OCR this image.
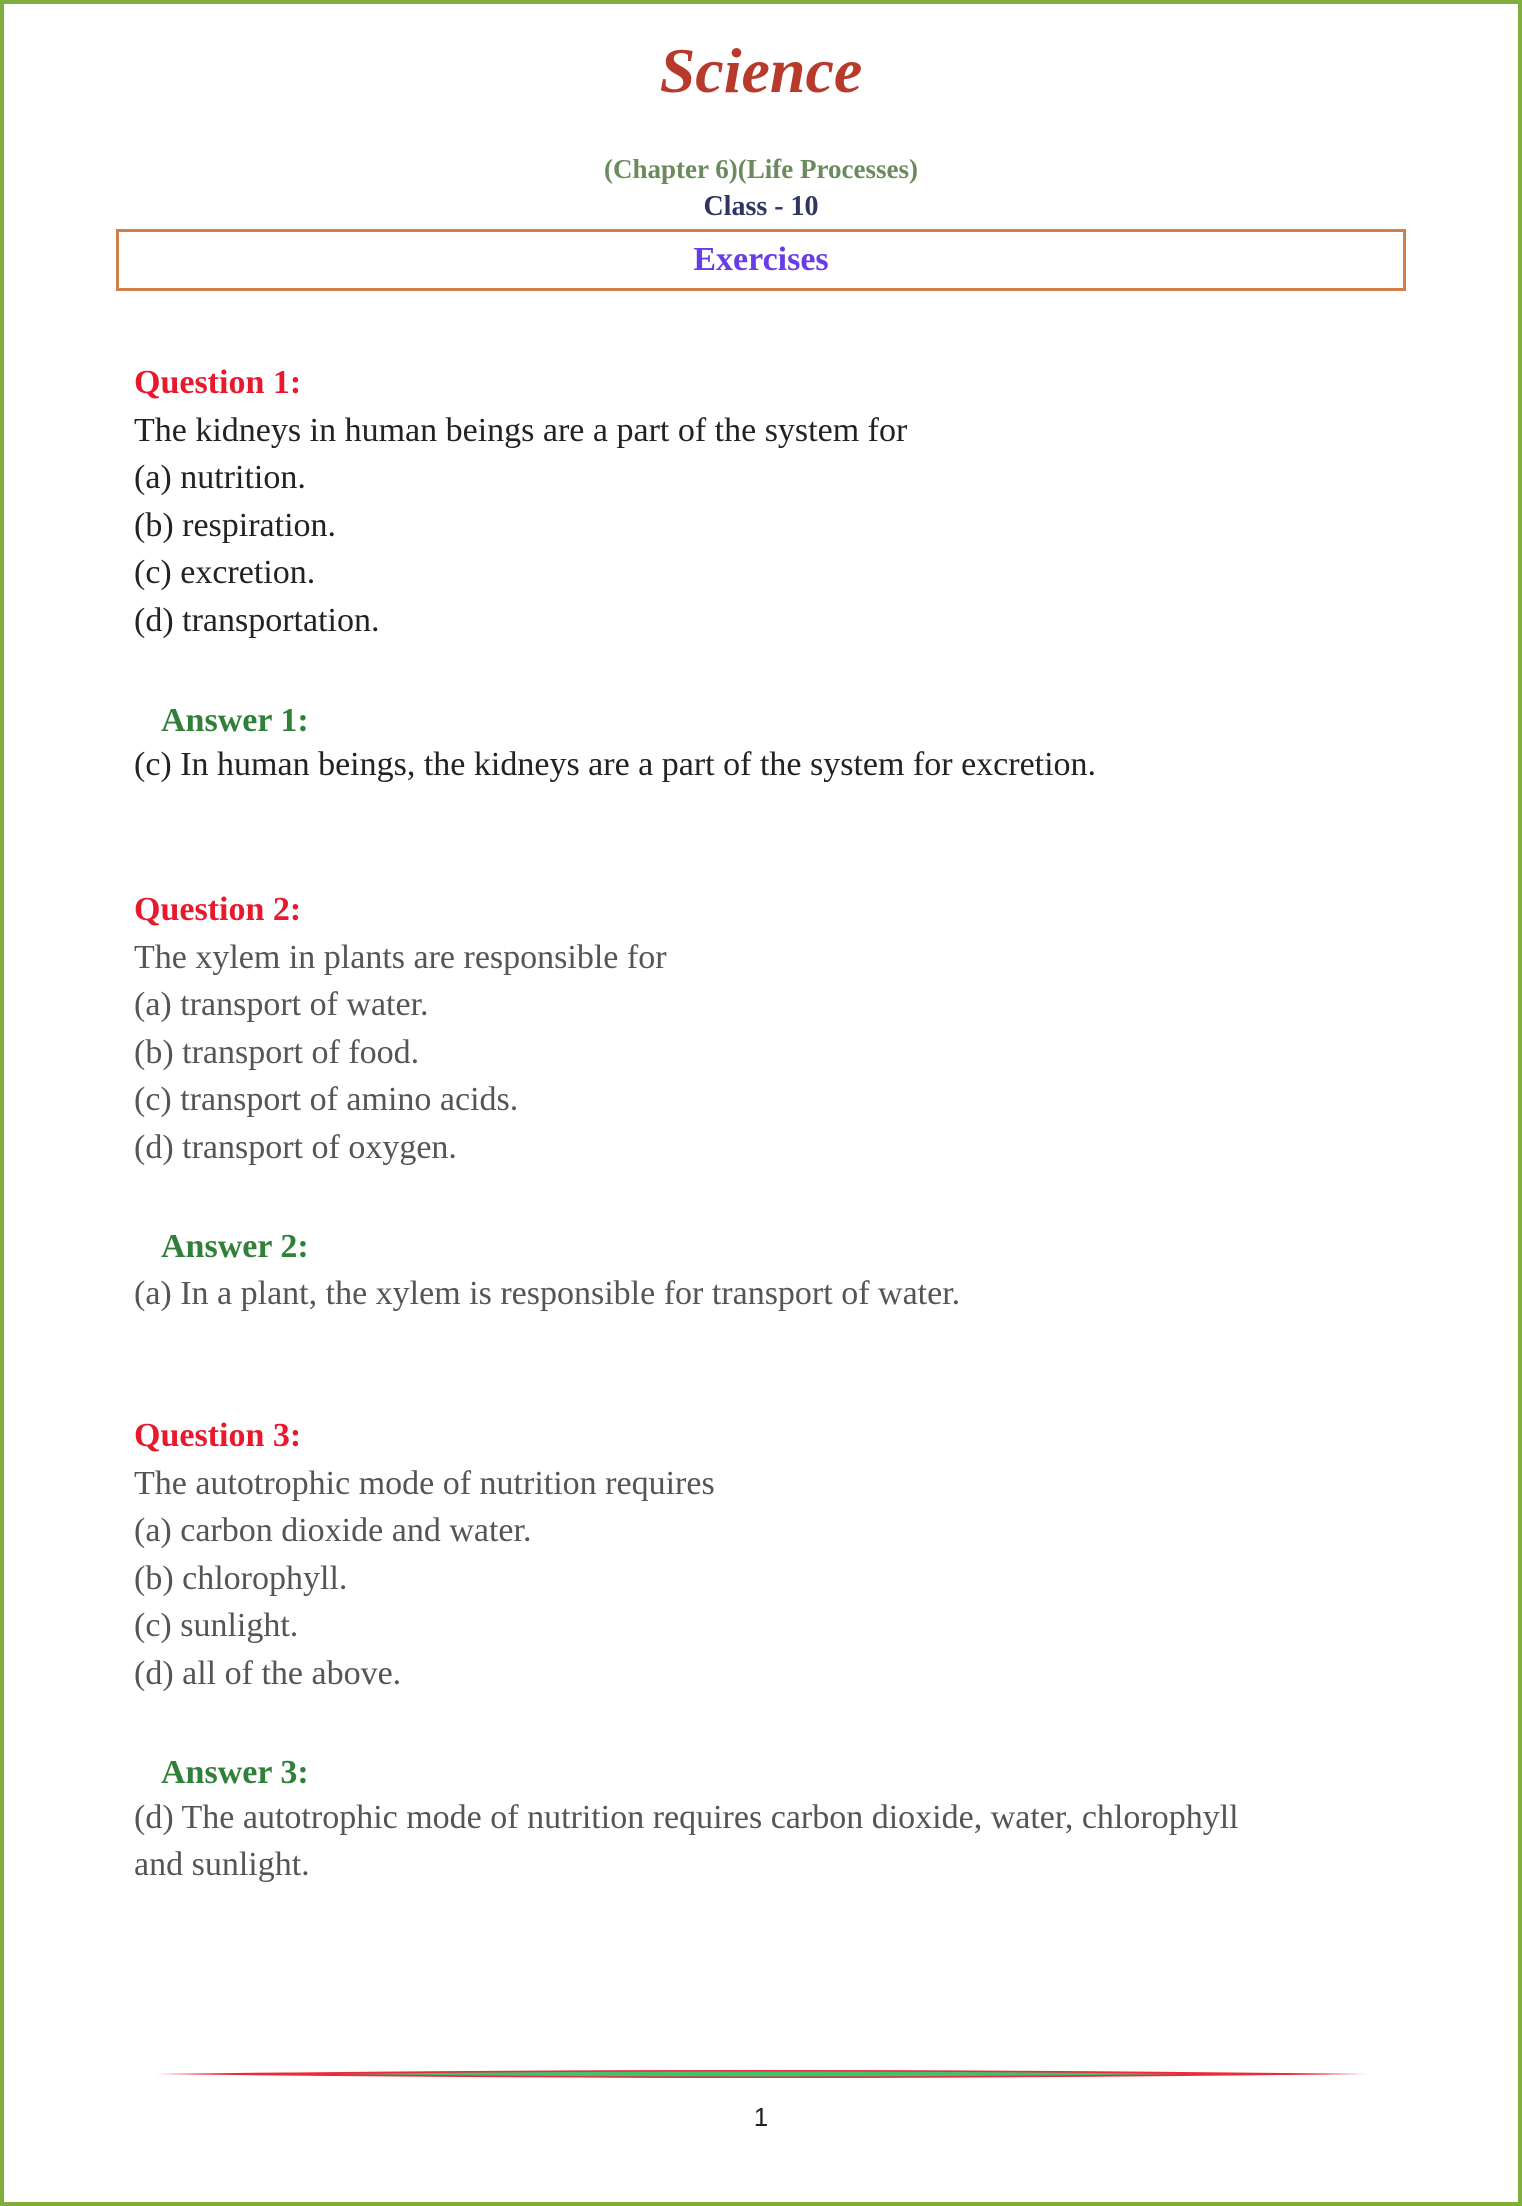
Science
(Chapter 6)(Life Processes)
Class - 10
Exercises
Question 1:
The kidneys in human beings are a part of the system for
(a) nutrition.
(b) respiration.
(c) excretion.
(d) transportation.
Answer 1:
(c) In human beings, the kidneys are a part of the system for excretion.
Question 2:
The xylem in plants are responsible for
(a) transport of water.
(b) transport of food.
(c) transport of amino acids.
(d) transport of oxygen.
Answer 2:
(a) In a plant, the xylem is responsible for transport of water.
Question 3:
The autotrophic mode of nutrition requires
(a) carbon dioxide and water.
(b) chlorophyll.
(c) sunlight.
(d) all of the above.
Answer 3:
(d) The autotrophic mode of nutrition requires carbon dioxide, water, chlorophyll
and sunlight.
1
